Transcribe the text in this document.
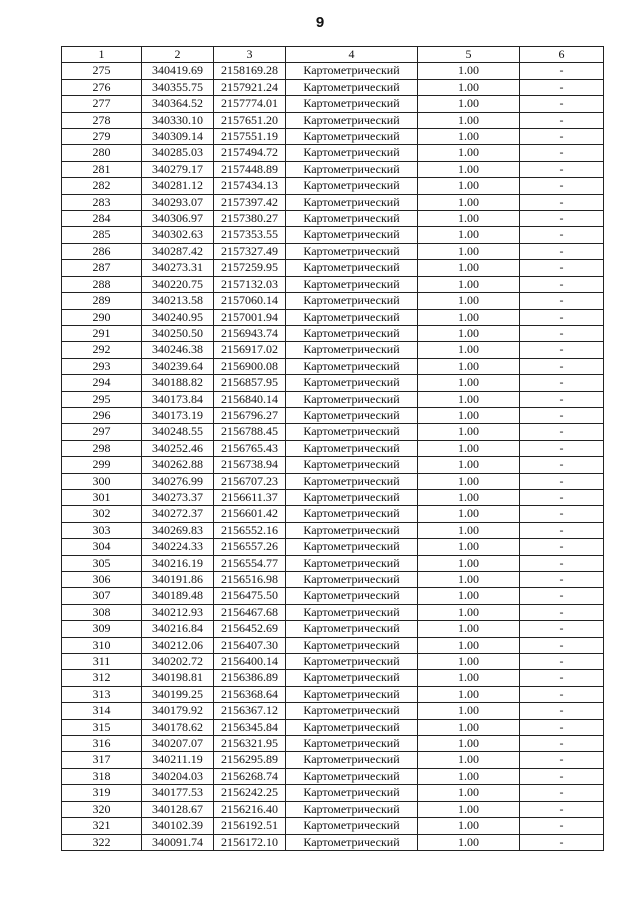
9
1	2	3	4	5	6
275	340419.69	2158169.28	Картометрический	1.00	-
276	340355.75	2157921.24	Картометрический	1.00	-
277	340364.52	2157774.01	Картометрический	1.00	-
278	340330.10	2157651.20	Картометрический	1.00	-
279	340309.14	2157551.19	Картометрический	1.00	-
280	340285.03	2157494.72	Картометрический	1.00	-
281	340279.17	2157448.89	Картометрический	1.00	-
282	340281.12	2157434.13	Картометрический	1.00	-
283	340293.07	2157397.42	Картометрический	1.00	-
284	340306.97	2157380.27	Картометрический	1.00	-
285	340302.63	2157353.55	Картометрический	1.00	-
286	340287.42	2157327.49	Картометрический	1.00	-
287	340273.31	2157259.95	Картометрический	1.00	-
288	340220.75	2157132.03	Картометрический	1.00	-
289	340213.58	2157060.14	Картометрический	1.00	-
290	340240.95	2157001.94	Картометрический	1.00	-
291	340250.50	2156943.74	Картометрический	1.00	-
292	340246.38	2156917.02	Картометрический	1.00	-
293	340239.64	2156900.08	Картометрический	1.00	-
294	340188.82	2156857.95	Картометрический	1.00	-
295	340173.84	2156840.14	Картометрический	1.00	-
296	340173.19	2156796.27	Картометрический	1.00	-
297	340248.55	2156788.45	Картометрический	1.00	-
298	340252.46	2156765.43	Картометрический	1.00	-
299	340262.88	2156738.94	Картометрический	1.00	-
300	340276.99	2156707.23	Картометрический	1.00	-
301	340273.37	2156611.37	Картометрический	1.00	-
302	340272.37	2156601.42	Картометрический	1.00	-
303	340269.83	2156552.16	Картометрический	1.00	-
304	340224.33	2156557.26	Картометрический	1.00	-
305	340216.19	2156554.77	Картометрический	1.00	-
306	340191.86	2156516.98	Картометрический	1.00	-
307	340189.48	2156475.50	Картометрический	1.00	-
308	340212.93	2156467.68	Картометрический	1.00	-
309	340216.84	2156452.69	Картометрический	1.00	-
310	340212.06	2156407.30	Картометрический	1.00	-
311	340202.72	2156400.14	Картометрический	1.00	-
312	340198.81	2156386.89	Картометрический	1.00	-
313	340199.25	2156368.64	Картометрический	1.00	-
314	340179.92	2156367.12	Картометрический	1.00	-
315	340178.62	2156345.84	Картометрический	1.00	-
316	340207.07	2156321.95	Картометрический	1.00	-
317	340211.19	2156295.89	Картометрический	1.00	-
318	340204.03	2156268.74	Картометрический	1.00	-
319	340177.53	2156242.25	Картометрический	1.00	-
320	340128.67	2156216.40	Картометрический	1.00	-
321	340102.39	2156192.51	Картометрический	1.00	-
322	340091.74	2156172.10	Картометрический	1.00	-
